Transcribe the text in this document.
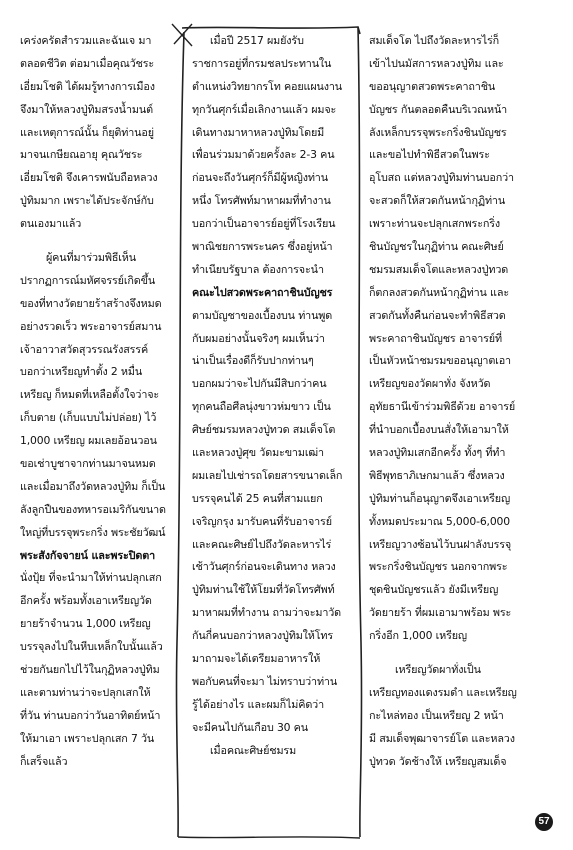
เคร่งครัดสำรวมและฉันเจ มา
ตลอดชีวิต ต่อมาเมื่อคุณวัชระ
เอี่ยมโชติ ได้ผมรู้ทางการเมือง
จึงมาให้หลวงปู่ทิมสรงน้ำมนต์
และเหตุการณ์นั้น ก็ยุติท่านอยู่
มาจนเกษียณอายุ คุณวัชระ
เอี่ยมโชติ จึงเคารพนับถือหลวง
ปู่ทิมมาก เพราะได้ประจักษ์กับ
ตนเองมาแล้ว
ผู้คนที่มาร่วมพิธีเห็น
ปรากฏการณ์มหัศจรรย์เกิดขึ้น
ของที่ทางวัดยายร้าสร้างจึงหมด
อย่างรวดเร็ว พระอาจารย์สมาน
เจ้าอาวาสวัดสุวรรณรังสรรค์
บอกว่าเหรียญทำตั้ง 2 หมื่น
เหรียญ ก็หมดที่เหลือตั้งใจว่าจะ
เก็บตาย (เก็บแบบไม่ปล่อย) ไว้
1,000 เหรียญ ผมเลยอ้อนวอน
ขอเช่าบูชาจากท่านมาจนหมด
และเมื่อมาถึงวัดหลวงปู่ทิม ก็เป็น
ลังลูกปืนของทหารอเมริกันขนาด
ใหญ่ที่บรรจุพระกริ่ง พระชัยวัฒน์
พระสังกัจจายน์ และพระปิดตา
นั่งปุ้ย ที่จะนำมาให้ท่านปลุกเสก
อีกครั้ง พร้อมทั้งเอาเหรียญวัด
ยายร้าจำนวน 1,000 เหรียญ
บรรจุลงไปในหีบเหล็กใบนั้นแล้ว
ช่วยกันยกไปไว้ในกุฏิหลวงปู่ทิม
และตามท่านว่าจะปลุกเสกให้
ที่วัน ท่านบอกว่าวันอาทิตย์หน้า
ให้มาเอา เพราะปลุกเสก 7 วัน
ก็เสร็จแล้ว
เมื่อปี 2517 ผมยังรับ
ราชการอยู่ที่กรมชลประทานใน
ตำแหน่งวิทยากรโท คอยแผนงาน
ทุกวันศุกร์เมื่อเลิกงานแล้ว ผมจะ
เดินทางมาหาหลวงปู่ทิมโดยมี
เพื่อนร่วมมาด้วยครั้งละ 2-3 คน
ก่อนจะถึงวันศุกร์ก็มีผู้หญิงท่าน
หนึ่ง โทรศัพท์มาหาผมที่ทำงาน
บอกว่าเป็นอาจารย์อยู่ที่โรงเรียน
พาณิชยการพระนคร ซึ่งอยู่หน้า
ทำเนียบรัฐบาล ต้องการจะนำ
คณะไปสวดพระคาถาชินบัญชร
ตามบัญชาของเบื้องบน ท่านพูด
กับผมอย่างนั้นจริงๆ ผมเห็นว่า
น่าเป็นเรื่องดีก็รับปากท่านๆ
บอกผมว่าจะไปกันมีสิบกว่าคน
ทุกคนถือศีลนุ่งขาวห่มขาว เป็น
ศิษย์ชมรมหลวงปู่ทวด สมเด็จโต
และหลวงปู่ศุข วัดมะขามเฒ่า
ผมเลยไปเช่ารถโดยสารขนาดเล็ก
บรรจุคนได้ 25 คนที่สามแยก
เจริญกรุง มารับคนที่รับอาจารย์
และคณะศิษย์ไปถึงวัดละหารไร่
เช้าวันศุกร์ก่อนจะเดินทาง หลวง
ปู่ทิมท่านใช้ให้โยมที่วัดโทรศัพท์
มาหาผมที่ทำงาน ถามว่าจะมาวัด
กันกี่คนบอกว่าหลวงปู่ทิมให้โทร
มาถามจะได้เตรียมอาหารให้
พอกับคนที่จะมา ไม่ทราบว่าท่าน
รู้ได้อย่างไร และผมก็ไม่คิดว่า
จะมีคนไปกันเกือบ 30 คน
เมื่อคณะศิษย์ชมรม
สมเด็จโต ไปถึงวัดละหารไร่ก็
เข้าไปนมัสการหลวงปู่ทิม และ
ขออนุญาตสวดพระคาถาชิน
บัญชร กันตลอดคืนบริเวณหน้า
ลังเหล็กบรรจุพระกริ่งชินบัญชร
และขอไปทำพิธีสวดในพระ
อุโบสถ แต่หลวงปู่ทิมท่านบอกว่า
จะสวดก็ให้สวดกันหน้ากุฏิท่าน
เพราะท่านจะปลุกเสกพระกริ่ง
ชินบัญชรในกุฏิท่าน คณะศิษย์
ชมรมสมเด็จโตและหลวงปู่ทวด
ก็ตกลงสวดกันหน้ากุฏิท่าน และ
สวดกันทั้งคืนก่อนจะทำพิธีสวด
พระคาถาชินบัญชร อาจารย์ที่
เป็นหัวหน้าชมรมขออนุญาตเอา
เหรียญของวัดผาทั่ง จังหวัด
อุทัยธานีเข้าร่วมพิธีด้วย อาจารย์
ที่นำบอกเบื้องบนสั่งให้เอามาให้
หลวงปู่ทิมเสกอีกครั้ง ทั้งๆ ที่ทำ
พิธีพุทธาภิเษกมาแล้ว ซึ่งหลวง
ปู่ทิมท่านก็อนุญาตจึงเอาเหรียญ
ทั้งหมดประมาณ 5,000-6,000
เหรียญวางซ้อนไว้บนฝาลังบรรจุ
พระกริ่งชินบัญชร นอกจากพระ
ชุดชินบัญชรแล้ว ยังมีเหรียญ
วัดยายร้า ที่ผมเอามาพร้อม พระ
กริ่งอีก 1,000 เหรียญ
เหรียญวัดผาทั่งเป็น
เหรียญทองแดงรมดำ และเหรียญ
กะไหล่ทอง เป็นเหรียญ 2 หน้า
มี สมเด็จพุฒาจารย์โต และหลวง
ปู่ทวด วัดช้างให้ เหรียญสมเด็จ
57
